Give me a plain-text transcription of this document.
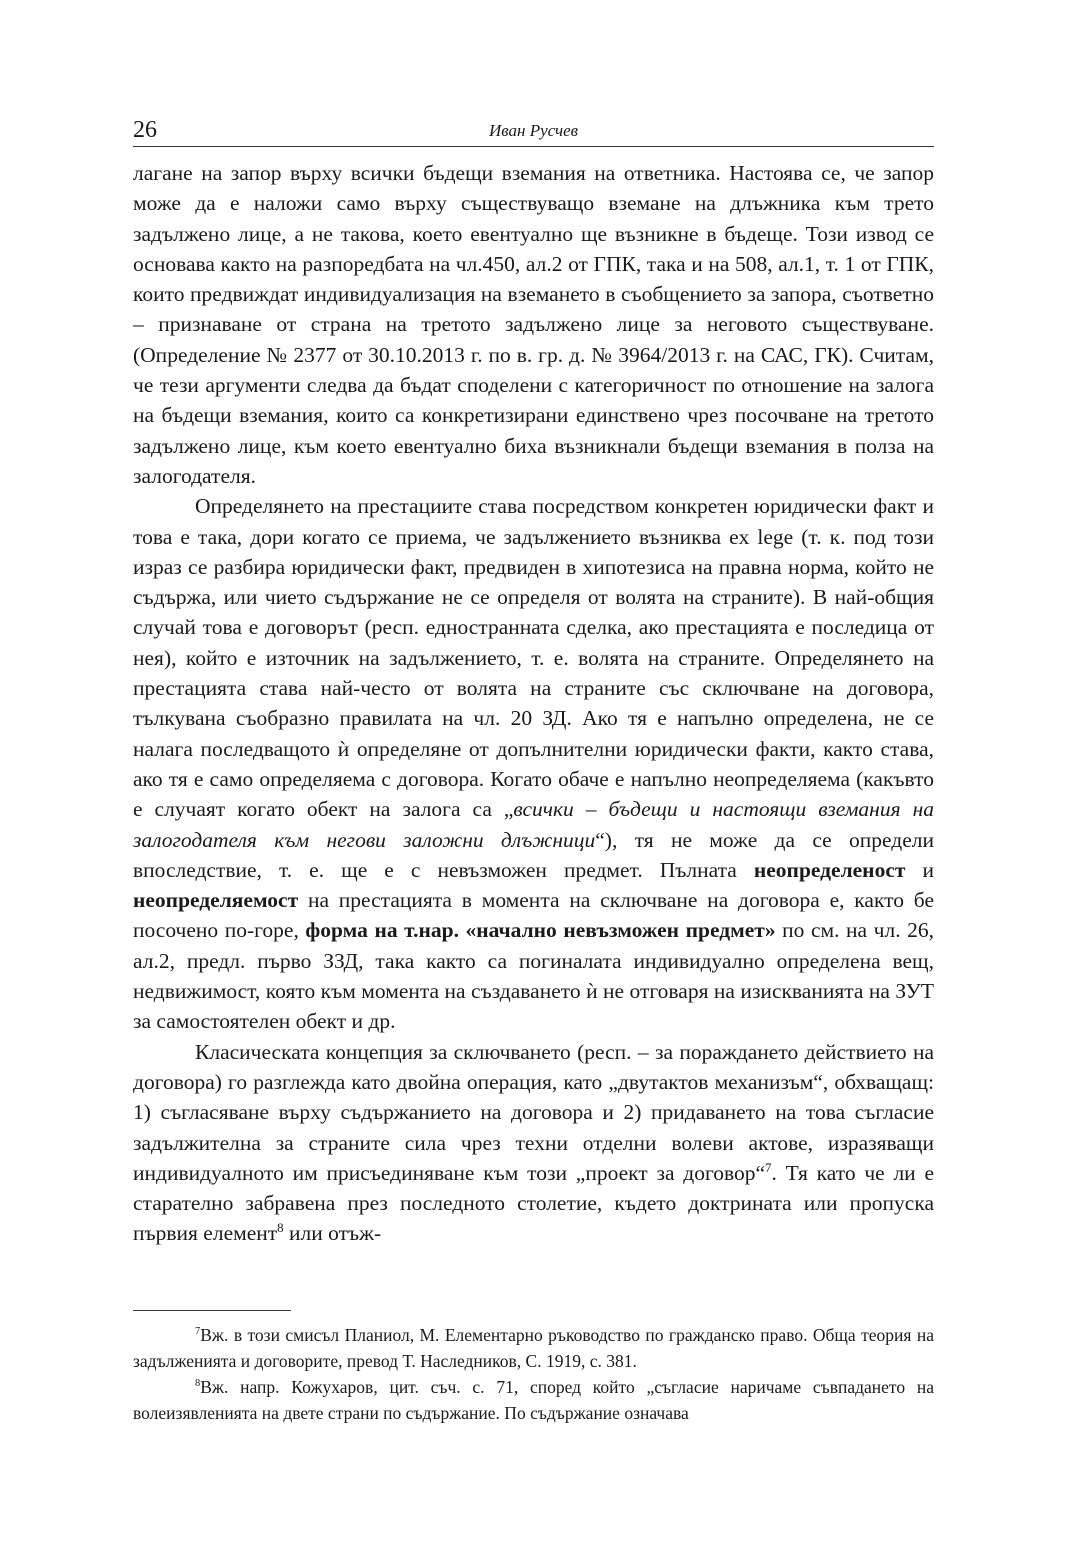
26	Иван Русчев

лагане на запор върху всички бъдещи вземания на ответника. Настоява се, че запор може да е наложи само върху съществуващо вземане на длъжника към трето задължено лице, а не такова, което евентуално ще възникне в бъдеще. Този извод се основава както на разпоредбата на чл.450, ал.2 от ГПК, така и на 508, ал.1, т. 1 от ГПК, които предвиждат индивидуализация на вземането в съобщението за запора, съответно – признаване от страна на третото задължено лице за неговото съществуване. (Определение № 2377 от 30.10.2013 г. по в. гр. д. № 3964/2013 г. на САС, ГК). Считам, че тези аргументи следва да бъдат споделени с категоричност по отношение на залога на бъдещи вземания, които са конкретизирани единствено чрез посочване на третото задължено лице, към което евентуално биха възникнали бъдещи вземания в полза на залогодателя.

Определянето на престациите става посредством конкретен юридически факт и това е така, дори когато се приема, че задължението възниква ex lege (т. к. под този израз се разбира юридически факт, предвиден в хипотезиса на правна норма, който не съдържа, или чието съдържание не се определя от волята на страните). В най-общия случай това е договорът (респ. едностранната сделка, ако престацията е последица от нея), който е източник на задължението, т. е. волята на страните. Определянето на престацията става най-често от волята на страните със сключване на договора, тълкувана съобразно правилата на чл. 20 ЗД. Ако тя е напълно определена, не се налага последващото ѝ определяне от допълнителни юридически факти, както става, ако тя е само определяема с договора. Когато обаче е напълно неопределяема (какъвто е случаят когато обект на залога са „всички – бъдещи и настоящи вземания на залогодателя към негови заложни длъжници“), тя не може да се определи впоследствие, т. е. ще е с невъзможен предмет. Пълната неопределеност и неопределяемост на престацията в момента на сключване на договора е, както бе посочено по-горе, форма на т.нар. «начално невъзможен предмет» по см. на чл. 26, ал.2, предл. първо ЗЗД, така както са погиналата индивидуално определена вещ, недвижимост, която към момента на създаването ѝ не отговаря на изискванията на ЗУТ за самостоятелен обект и др.

Класическата концепция за сключването (респ. – за пораждането действието на договора) го разглежда като двойна операция, като „двутактов механизъм“, обхващащ: 1) съгласяване върху съдържанието на договора и 2) придаването на това съгласие задължителна за страните сила чрез техни отделни волеви актове, изразяващи индивидуалното им присъединяване към този „проект за договор“$^7$. Тя като че ли е старателно забравена през последното столетие, където доктрината или пропуска първия елемент$^8$ или отъж-

$^7$Вж. в този смисъл Планиол, М. Елементарно ръководство по гражданско право. Обща теория на задълженията и договорите, превод Т. Наследников, С. 1919, с. 381.

$^8$Вж. напр. Кожухаров, цит. съч. с. 71, според който „съгласие наричаме съвпадането на волеизявленията на двете страни по съдържание. По съдържание означава
